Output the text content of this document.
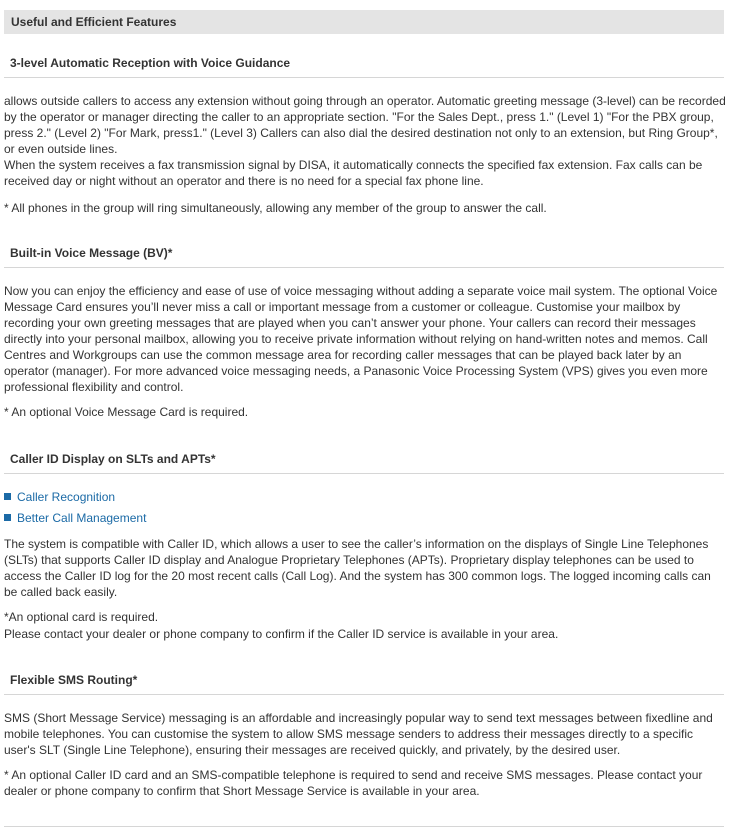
Useful and Efficient Features
3-level Automatic Reception with Voice Guidance

allows outside callers to access any extension without going through an operator. Automatic greeting message (3-level) can be recorded by the operator or manager directing the caller to an appropriate section. "For the Sales Dept., press 1." (Level 1) "For the PBX group, press 2." (Level 2) "For Mark, press1." (Level 3) Callers can also dial the desired destination not only to an extension, but Ring Group*, or even outside lines.

When the system receives a fax transmission signal by DISA, it automatically connects the specified fax extension. Fax calls can be received day or night without an operator and there is no need for a special fax phone line.

* All phones in the group will ring simultaneously, allowing any member of the group to answer the call.

Built-in Voice Message (BV)*

Now you can enjoy the efficiency and ease of use of voice messaging without adding a separate voice mail system. The optional Voice Message Card ensures you’ll never miss a call or important message from a customer or colleague. Customise your mailbox by recording your own greeting messages that are played when you can’t answer your phone. Your callers can record their messages directly into your personal mailbox, allowing you to receive private information without relying on hand-written notes and memos. Call Centres and Workgroups can use the common message area for recording caller messages that can be played back later by an operator (manager). For more advanced voice messaging needs, a Panasonic Voice Processing System (VPS) gives you even more professional flexibility and control.

* An optional Voice Message Card is required.

Caller ID Display on SLTs and APTs*
Caller Recognition
Better Call Management

The system is compatible with Caller ID, which allows a user to see the caller’s information on the displays of Single Line Telephones (SLTs) that supports Caller ID display and Analogue Proprietary Telephones (APTs). Proprietary display telephones can be used to access the Caller ID log for the 20 most recent calls (Call Log). And the system has 300 common logs. The logged incoming calls can be called back easily.

*An optional card is required.

Please contact your dealer or phone company to confirm if the Caller ID service is available in your area.

Flexible SMS Routing*

SMS (Short Message Service) messaging is an affordable and increasingly popular way to send text messages between fixedline and mobile telephones. You can customise the system to allow SMS message senders to address their messages directly to a specific user's SLT (Single Line Telephone), ensuring their messages are received quickly, and privately, by the desired user.

* An optional Caller ID card and an SMS-compatible telephone is required to send and receive SMS messages. Please contact your dealer or phone company to confirm that Short Message Service is available in your area.
